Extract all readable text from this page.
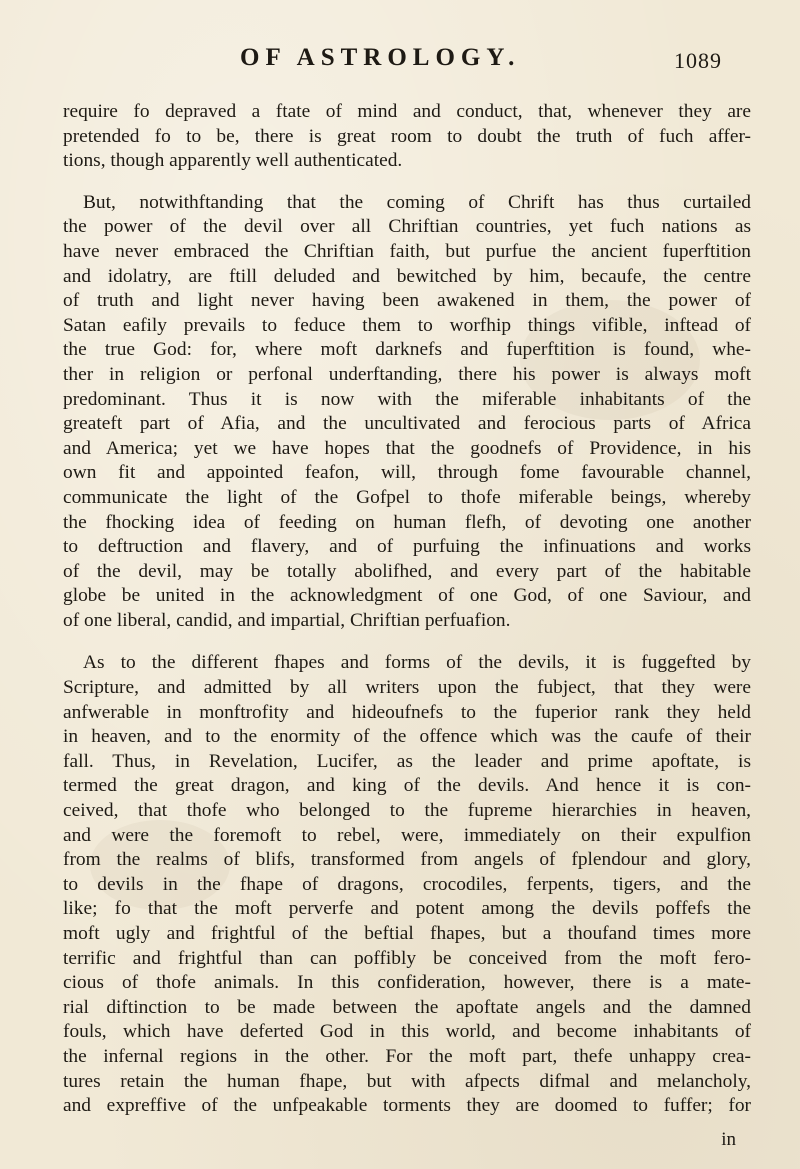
OF ASTROLOGY.	1089

require fo depraved a ftate of mind and conduct, that, whenever they are
pretended fo to be, there is great room to doubt the truth of fuch affer-
tions, though apparently well authenticated.

But, notwithftanding that the coming of Chrift has thus curtailed
the power of the devil over all Chriftian countries, yet fuch nations as
have never embraced the Chriftian faith, but purfue the ancient fuperftition
and idolatry, are ftill deluded and bewitched by him, becaufe, the centre
of truth and light never having been awakened in them, the power of
Satan eafily prevails to feduce them to worfhip things vifible, inftead of
the true God: for, where moft darknefs and fuperftition is found, whe-
ther in religion or perfonal underftanding, there his power is always moft
predominant. Thus it is now with the miferable inhabitants of the
greateft part of Afia, and the uncultivated and ferocious parts of Africa
and America; yet we have hopes that the goodnefs of Providence, in his
own fit and appointed feafon, will, through fome favourable channel,
communicate the light of the Gofpel to thofe miferable beings, whereby
the fhocking idea of feeding on human flefh, of devoting one another
to deftruction and flavery, and of purfuing the infinuations and works
of the devil, may be totally abolifhed, and every part of the habitable
globe be united in the acknowledgment of one God, of one Saviour, and
of one liberal, candid, and impartial, Chriftian perfuafion.

As to the different fhapes and forms of the devils, it is fuggefted by
Scripture, and admitted by all writers upon the fubject, that they were
anfwerable in monftrofity and hideoufnefs to the fuperior rank they held
in heaven, and to the enormity of the offence which was the caufe of their
fall. Thus, in Revelation, Lucifer, as the leader and prime apoftate, is
termed the great dragon, and king of the devils. And hence it is con-
ceived, that thofe who belonged to the fupreme hierarchies in heaven,
and were the foremoft to rebel, were, immediately on their expulfion
from the realms of blifs, transformed from angels of fplendour and glory,
to devils in the fhape of dragons, crocodiles, ferpents, tigers, and the
like; fo that the moft perverfe and potent among the devils poffefs the
moft ugly and frightful of the beftial fhapes, but a thoufand times more
terrific and frightful than can poffibly be conceived from the moft fero-
cious of thofe animals. In this confideration, however, there is a mate-
rial diftinction to be made between the apoftate angels and the damned
fouls, which have deferted God in this world, and become inhabitants of
the infernal regions in the other. For the moft part, thefe unhappy crea-
tures retain the human fhape, but with afpects difmal and melancholy,
and expreffive of the unfpeakable torments they are doomed to fuffer; for

in
